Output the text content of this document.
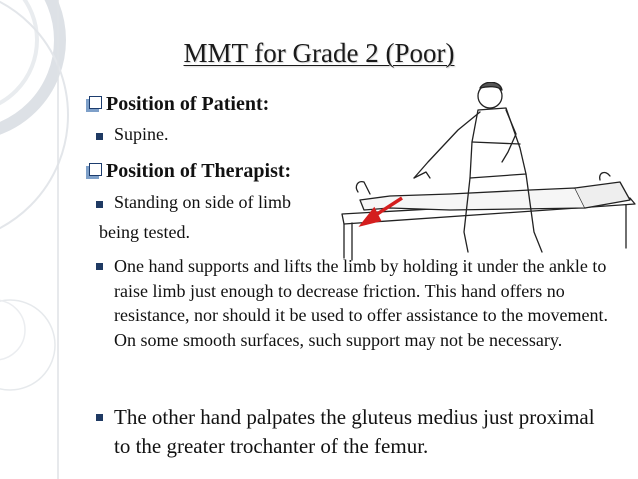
MMT for Grade 2 (Poor)
Position of Patient:
Supine.
Position of Therapist:
Standing on side of limb
being tested.
One hand supports and lifts the limb by holding it under the ankle to raise limb just enough to decrease friction. This hand offers no resistance, nor should it be used to offer assistance to the movement. On some smooth surfaces, such support may not be necessary.
The other hand palpates the gluteus medius just proximal to the greater trochanter of the femur.
